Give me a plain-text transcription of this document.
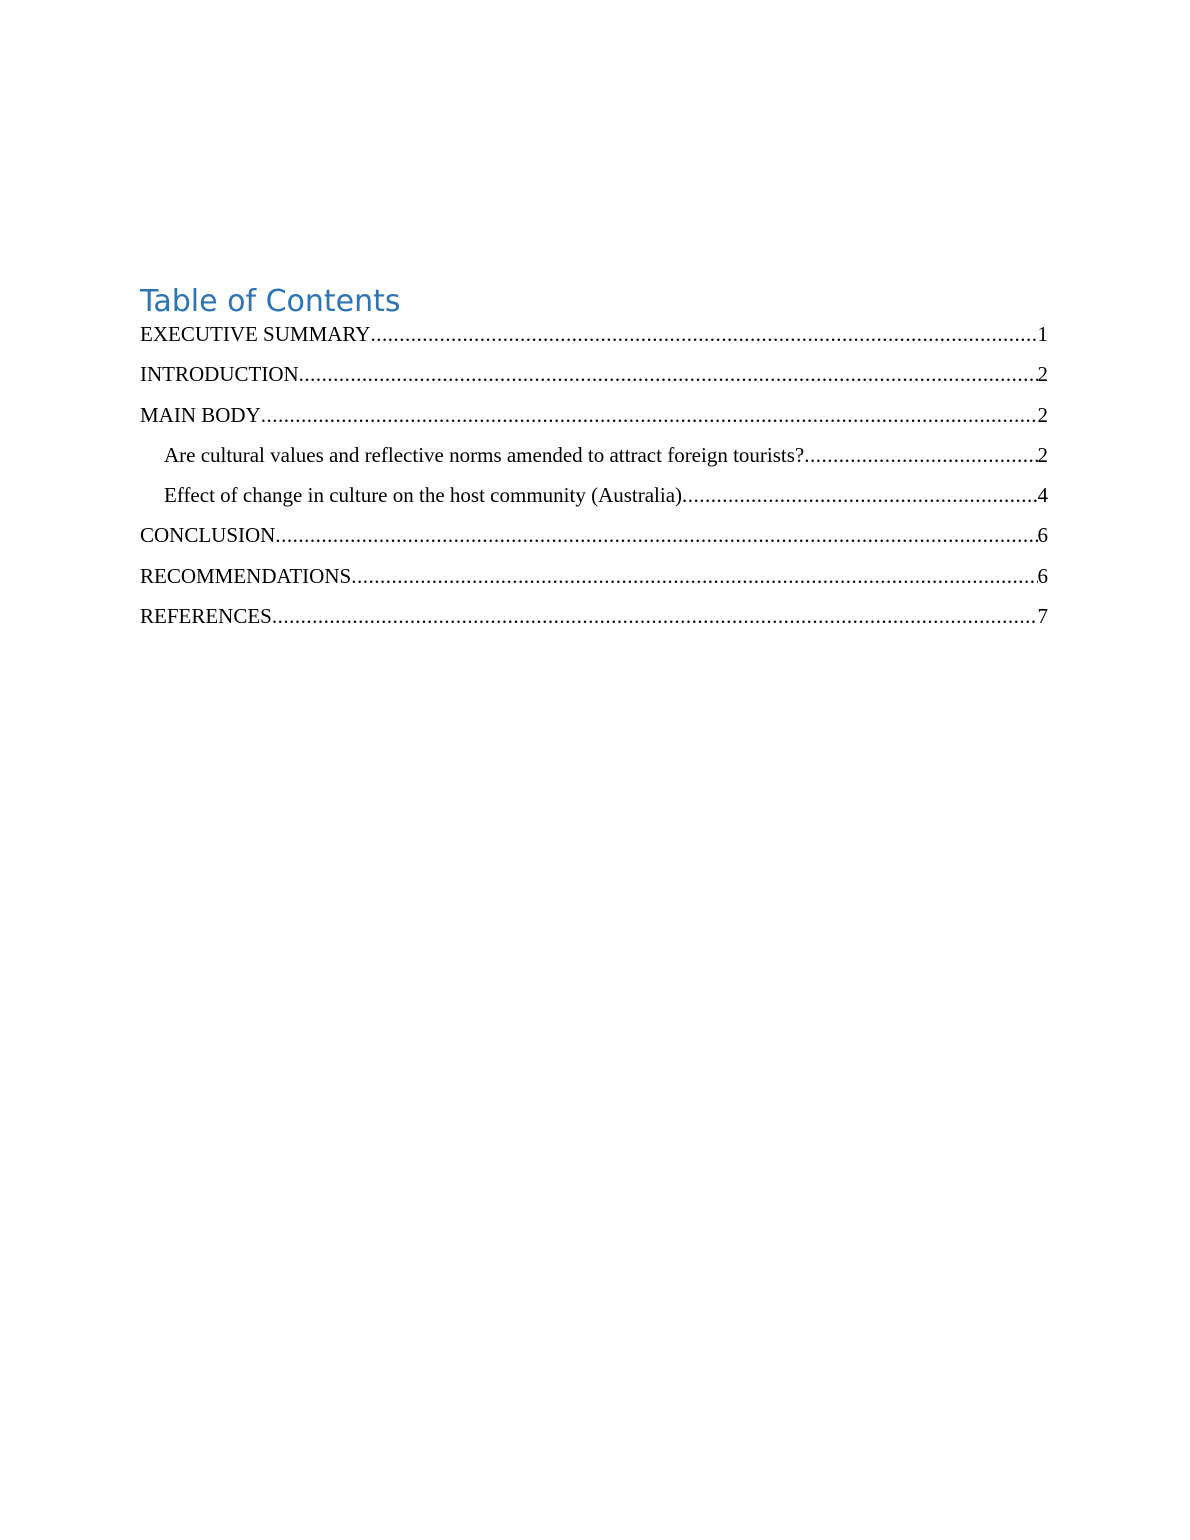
Table of Contents
EXECUTIVE SUMMARY .....	1
INTRODUCTION .....	2
MAIN BODY .....	2
Are cultural values and reflective norms amended to attract foreign tourists? .....	2
Effect of change in culture on the host community (Australia) .....	4
CONCLUSION .....	6
RECOMMENDATIONS .....	6
REFERENCES .....	7
